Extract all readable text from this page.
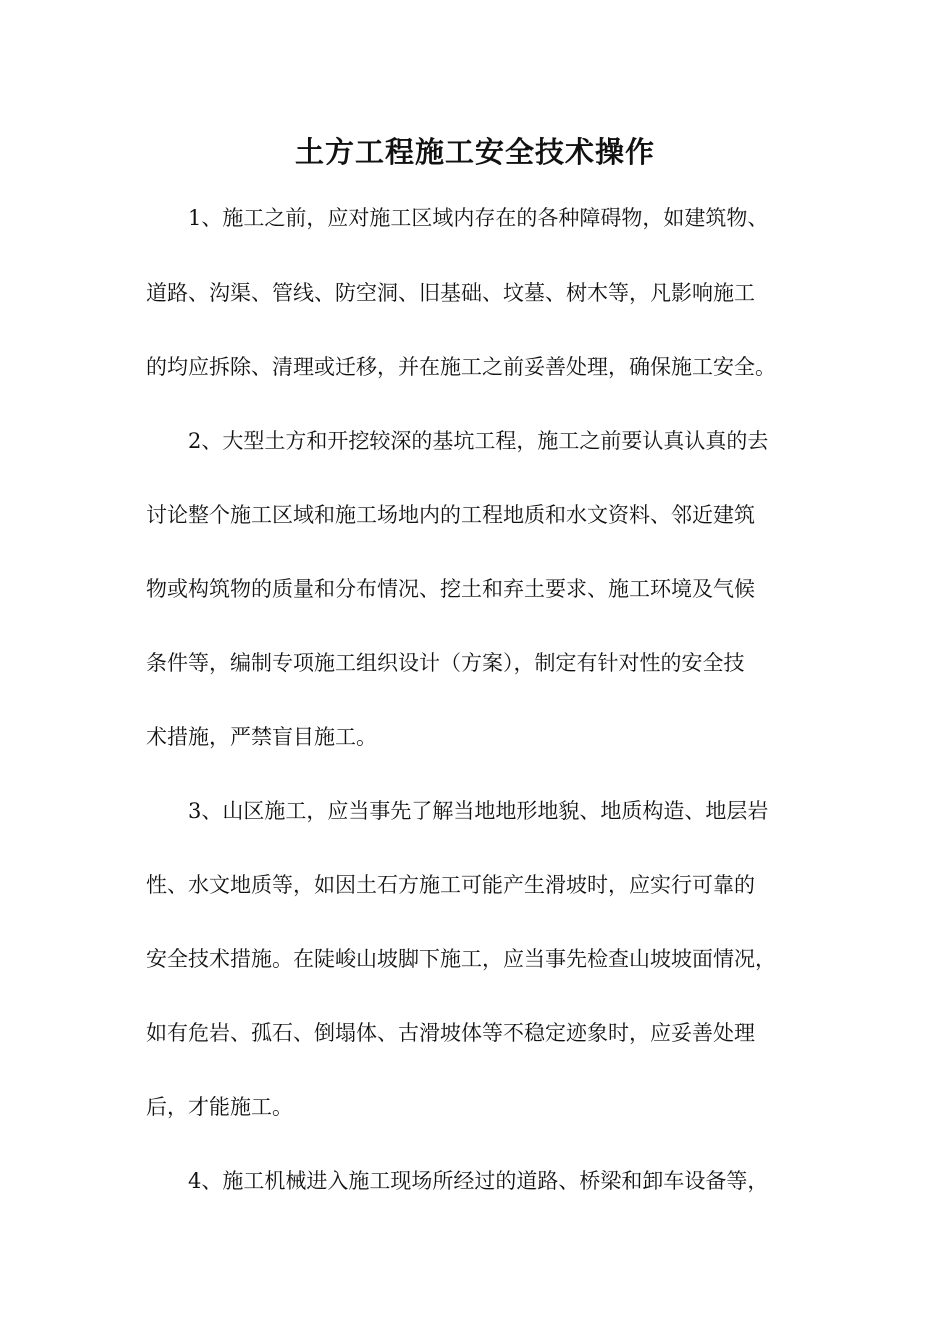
土方工程施工安全技术操作

1、施工之前，应对施工区域内存在的各种障碍物，如建筑物、

道路、沟渠、管线、防空洞、旧基础、坟墓、树木等，凡影响施工

的均应拆除、清理或迁移，并在施工之前妥善处理，确保施工安全。

2、大型土方和开挖较深的基坑工程，施工之前要认真认真的去

讨论整个施工区域和施工场地内的工程地质和水文资料、邻近建筑

物或构筑物的质量和分布情况、挖土和弃土要求、施工环境及气候

条件等，编制专项施工组织设计（方案），制定有针对性的安全技

术措施，严禁盲目施工。

3、山区施工，应当事先了解当地地形地貌、地质构造、地层岩

性、水文地质等，如因土石方施工可能产生滑坡时，应实行可靠的

安全技术措施。在陡峻山坡脚下施工，应当事先检查山坡坡面情况，

如有危岩、孤石、倒塌体、古滑坡体等不稳定迹象时，应妥善处理

后，才能施工。

4、施工机械进入施工现场所经过的道路、桥梁和卸车设备等，
